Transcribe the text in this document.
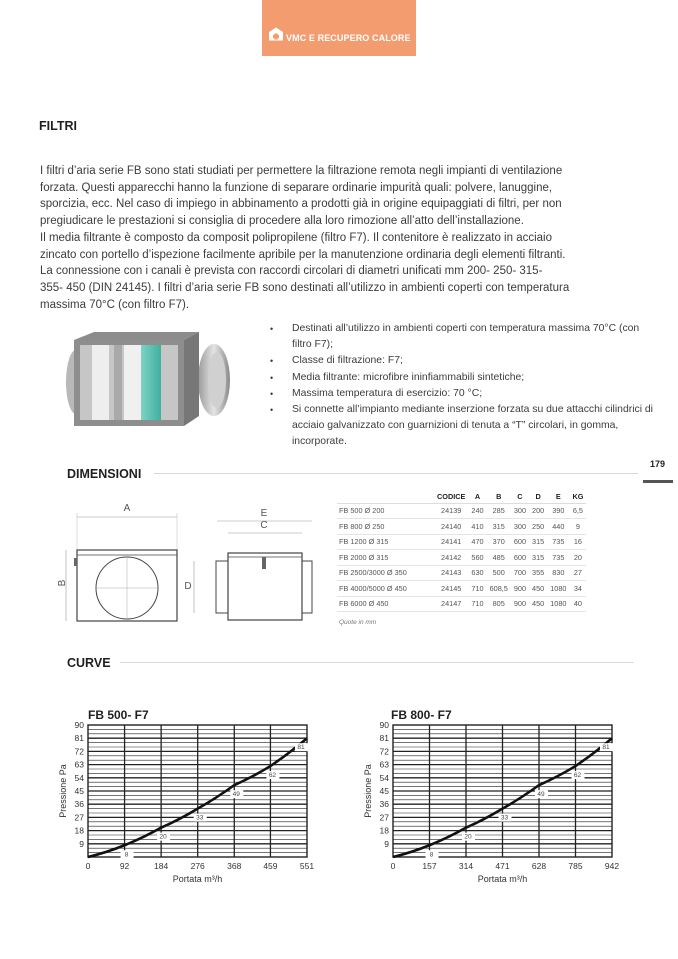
VMC E RECUPERO CALORE
FILTRI

I filtri d’aria serie FB sono stati studiati per permettere la filtrazione remota negli impianti di ventilazione

forzata. Questi apparecchi hanno la funzione di separare ordinarie impurità quali: polvere, lanuggine,

sporcizia, ecc. Nel caso di impiego in abbinamento a prodotti già in origine equipaggiati di filtri, per non

pregiudicare le prestazioni si consiglia di procedere alla loro rimozione all’atto dell’installazione.

Il media filtrante è composto da composit polipropilene (filtro F7). Il contenitore è realizzato in acciaio

zincato con portello d’ispezione facilmente apribile per la manutenzione ordinaria degli elementi filtranti.

La connessione con i canali è prevista con raccordi circolari di diametri unificati mm 200- 250- 315-

355- 450 (DIN 24145). I filtri d’aria serie FB sono destinati all’utilizzo in ambienti coperti con temperatura

massima 70°C (con filtro F7).

• Destinati all’utilizzo in ambienti coperti con temperatura massima 70°C (con filtro F7);
• Classe di filtrazione: F7;
• Media filtrante: microfibre ininfiammabili sintetiche;
• Massima temperatura di esercizio: 70 °C;
• Si connette all’impianto mediante inserzione forzata su due attacchi cilindrici di acciaio galvanizzato con guarnizioni di tenuta a “T” circolari, in gomma, incorporate.
DIMENSIONI
179
A
B
E
C
D
	CODICE	A	B	C	D	E	KG
FB 500 Ø 200	24139	240	285	300	200	390	6,5
FB 800 Ø 250	24140	410	315	300	250	440	9
FB 1200 Ø 315	24141	470	370	600	315	735	16
FB 2000 Ø 315	24142	560	485	600	315	735	20
FB 2500/3000 Ø 350	24143	630	500	700	355	830	27
FB 4000/5000 Ø 450	24145	710	608,5	900	450	1080	34
FB 6000 Ø 450	24147	710	805	900	450	1080	40
Quote in mm
CURVE
FB 500- F7
90
9
18
27
36
45
54
63
72
81
0	92	184	276	368	459	551
Pressione Pa
Portata m³/h
8
20
33
49
62
81
FB 800- F7
90
9
18
27
36
45
54
63
72
81
0	157	314	471	628	785	942
Pressione Pa
Portata m³/h
8
20
33
49
62
81
